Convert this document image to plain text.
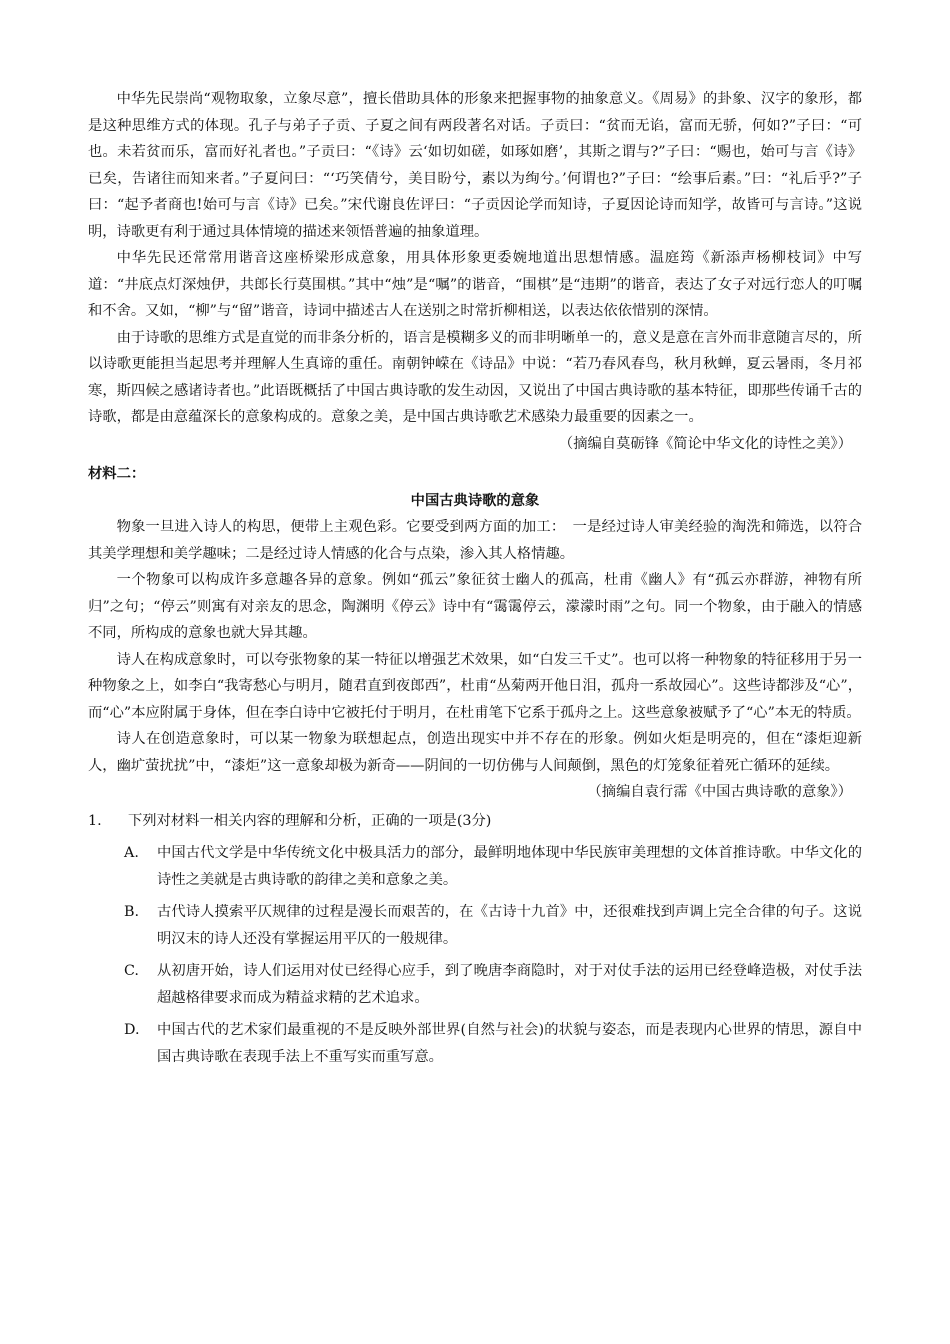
中华先民崇尚“观物取象，立象尽意”，擅长借助具体的形象来把握事物的抽象意义。《周易》的卦象、汉字的象形，都是这种思维方式的体现。孔子与弟子子贡、子夏之间有两段著名对话。子贡曰：“贫而无谄，富而无骄，何如?”子曰：“可也。未若贫而乐，富而好礼者也。”子贡曰：“《诗》云‘如切如磋，如琢如磨’，其斯之谓与?”子曰：“赐也，始可与言《诗》已矣，告诸往而知来者。”子夏问曰：“‘巧笑倩兮，美目盼兮，素以为绚兮。’何谓也?”子曰：“绘事后素。”曰：“礼后乎?”子曰：“起予者商也!始可与言《诗》已矣。”宋代谢良佐评曰：“子贡因论学而知诗，子夏因论诗而知学，故皆可与言诗。”这说明，诗歌更有利于通过具体情境的描述来领悟普遍的抽象道理。

中华先民还常常用谐音这座桥梁形成意象，用具体形象更委婉地道出思想情感。温庭筠《新添声杨柳枝词》中写道：“井底点灯深烛伊，共郎长行莫围棋。”其中“烛”是“嘱”的谐音，“围棋”是“违期”的谐音，表达了女子对远行恋人的叮嘱和不舍。又如，“柳”与“留”谐音，诗词中描述古人在送别之时常折柳相送，以表达依依惜别的深情。

由于诗歌的思维方式是直觉的而非条分析的，语言是模糊多义的而非明晰单一的，意义是意在言外而非意随言尽的，所以诗歌更能担当起思考并理解人生真谛的重任。南朝钟嵘在《诗品》中说：“若乃春风春鸟，秋月秋蝉，夏云暑雨，冬月祁寒，斯四候之感诸诗者也。”此语既概括了中国古典诗歌的发生动因，又说出了中国古典诗歌的基本特征，即那些传诵千古的诗歌，都是由意蕴深长的意象构成的。意象之美，是中国古典诗歌艺术感染力最重要的因素之一。

（摘编自莫砺锋《简论中华文化的诗性之美》）

材料二：

中国古典诗歌的意象

物象一旦进入诗人的构思，便带上主观色彩。它要受到两方面的加工：　一是经过诗人审美经验的淘洗和筛选，以符合其美学理想和美学趣味；二是经过诗人情感的化合与点染，渗入其人格情趣。

一个物象可以构成许多意趣各异的意象。例如“孤云”象征贫士幽人的孤高，杜甫《幽人》有“孤云亦群游，神物有所归”之句；“停云”则寓有对亲友的思念，陶渊明《停云》诗中有“霭霭停云，濛濛时雨”之句。同一个物象，由于融入的情感不同，所构成的意象也就大异其趣。

诗人在构成意象时，可以夸张物象的某一特征以增强艺术效果，如“白发三千丈”。也可以将一种物象的特征移用于另一种物象之上，如李白“我寄愁心与明月，随君直到夜郎西”，杜甫“丛菊两开他日泪，孤舟一系故园心”。这些诗都涉及“心”，而“心”本应附属于身体，但在李白诗中它被托付于明月，在杜甫笔下它系于孤舟之上。这些意象被赋予了“心”本无的特质。

诗人在创造意象时，可以某一物象为联想起点，创造出现实中并不存在的形象。例如火炬是明亮的，但在“漆炬迎新人，幽圹萤扰扰”中，“漆炬”这一意象却极为新奇——阴间的一切仿佛与人间颠倒，黑色的灯笼象征着死亡循环的延续。

（摘编自袁行霈《中国古典诗歌的意象》）

1.	下列对材料一相关内容的理解和分析，正确的一项是(3分)
A.	中国古代文学是中华传统文化中极具活力的部分，最鲜明地体现中华民族审美理想的文体首推诗歌。中华文化的诗性之美就是古典诗歌的韵律之美和意象之美。
B.	古代诗人摸索平仄规律的过程是漫长而艰苦的，在《古诗十九首》中，还很难找到声调上完全合律的句子。这说明汉末的诗人还没有掌握运用平仄的一般规律。
C.	从初唐开始，诗人们运用对仗已经得心应手，到了晚唐李商隐时，对于对仗手法的运用已经登峰造极，对仗手法超越格律要求而成为精益求精的艺术追求。
D.	中国古代的艺术家们最重视的不是反映外部世界(自然与社会)的状貌与姿态，而是表现内心世界的情思，源自中国古典诗歌在表现手法上不重写实而重写意。
